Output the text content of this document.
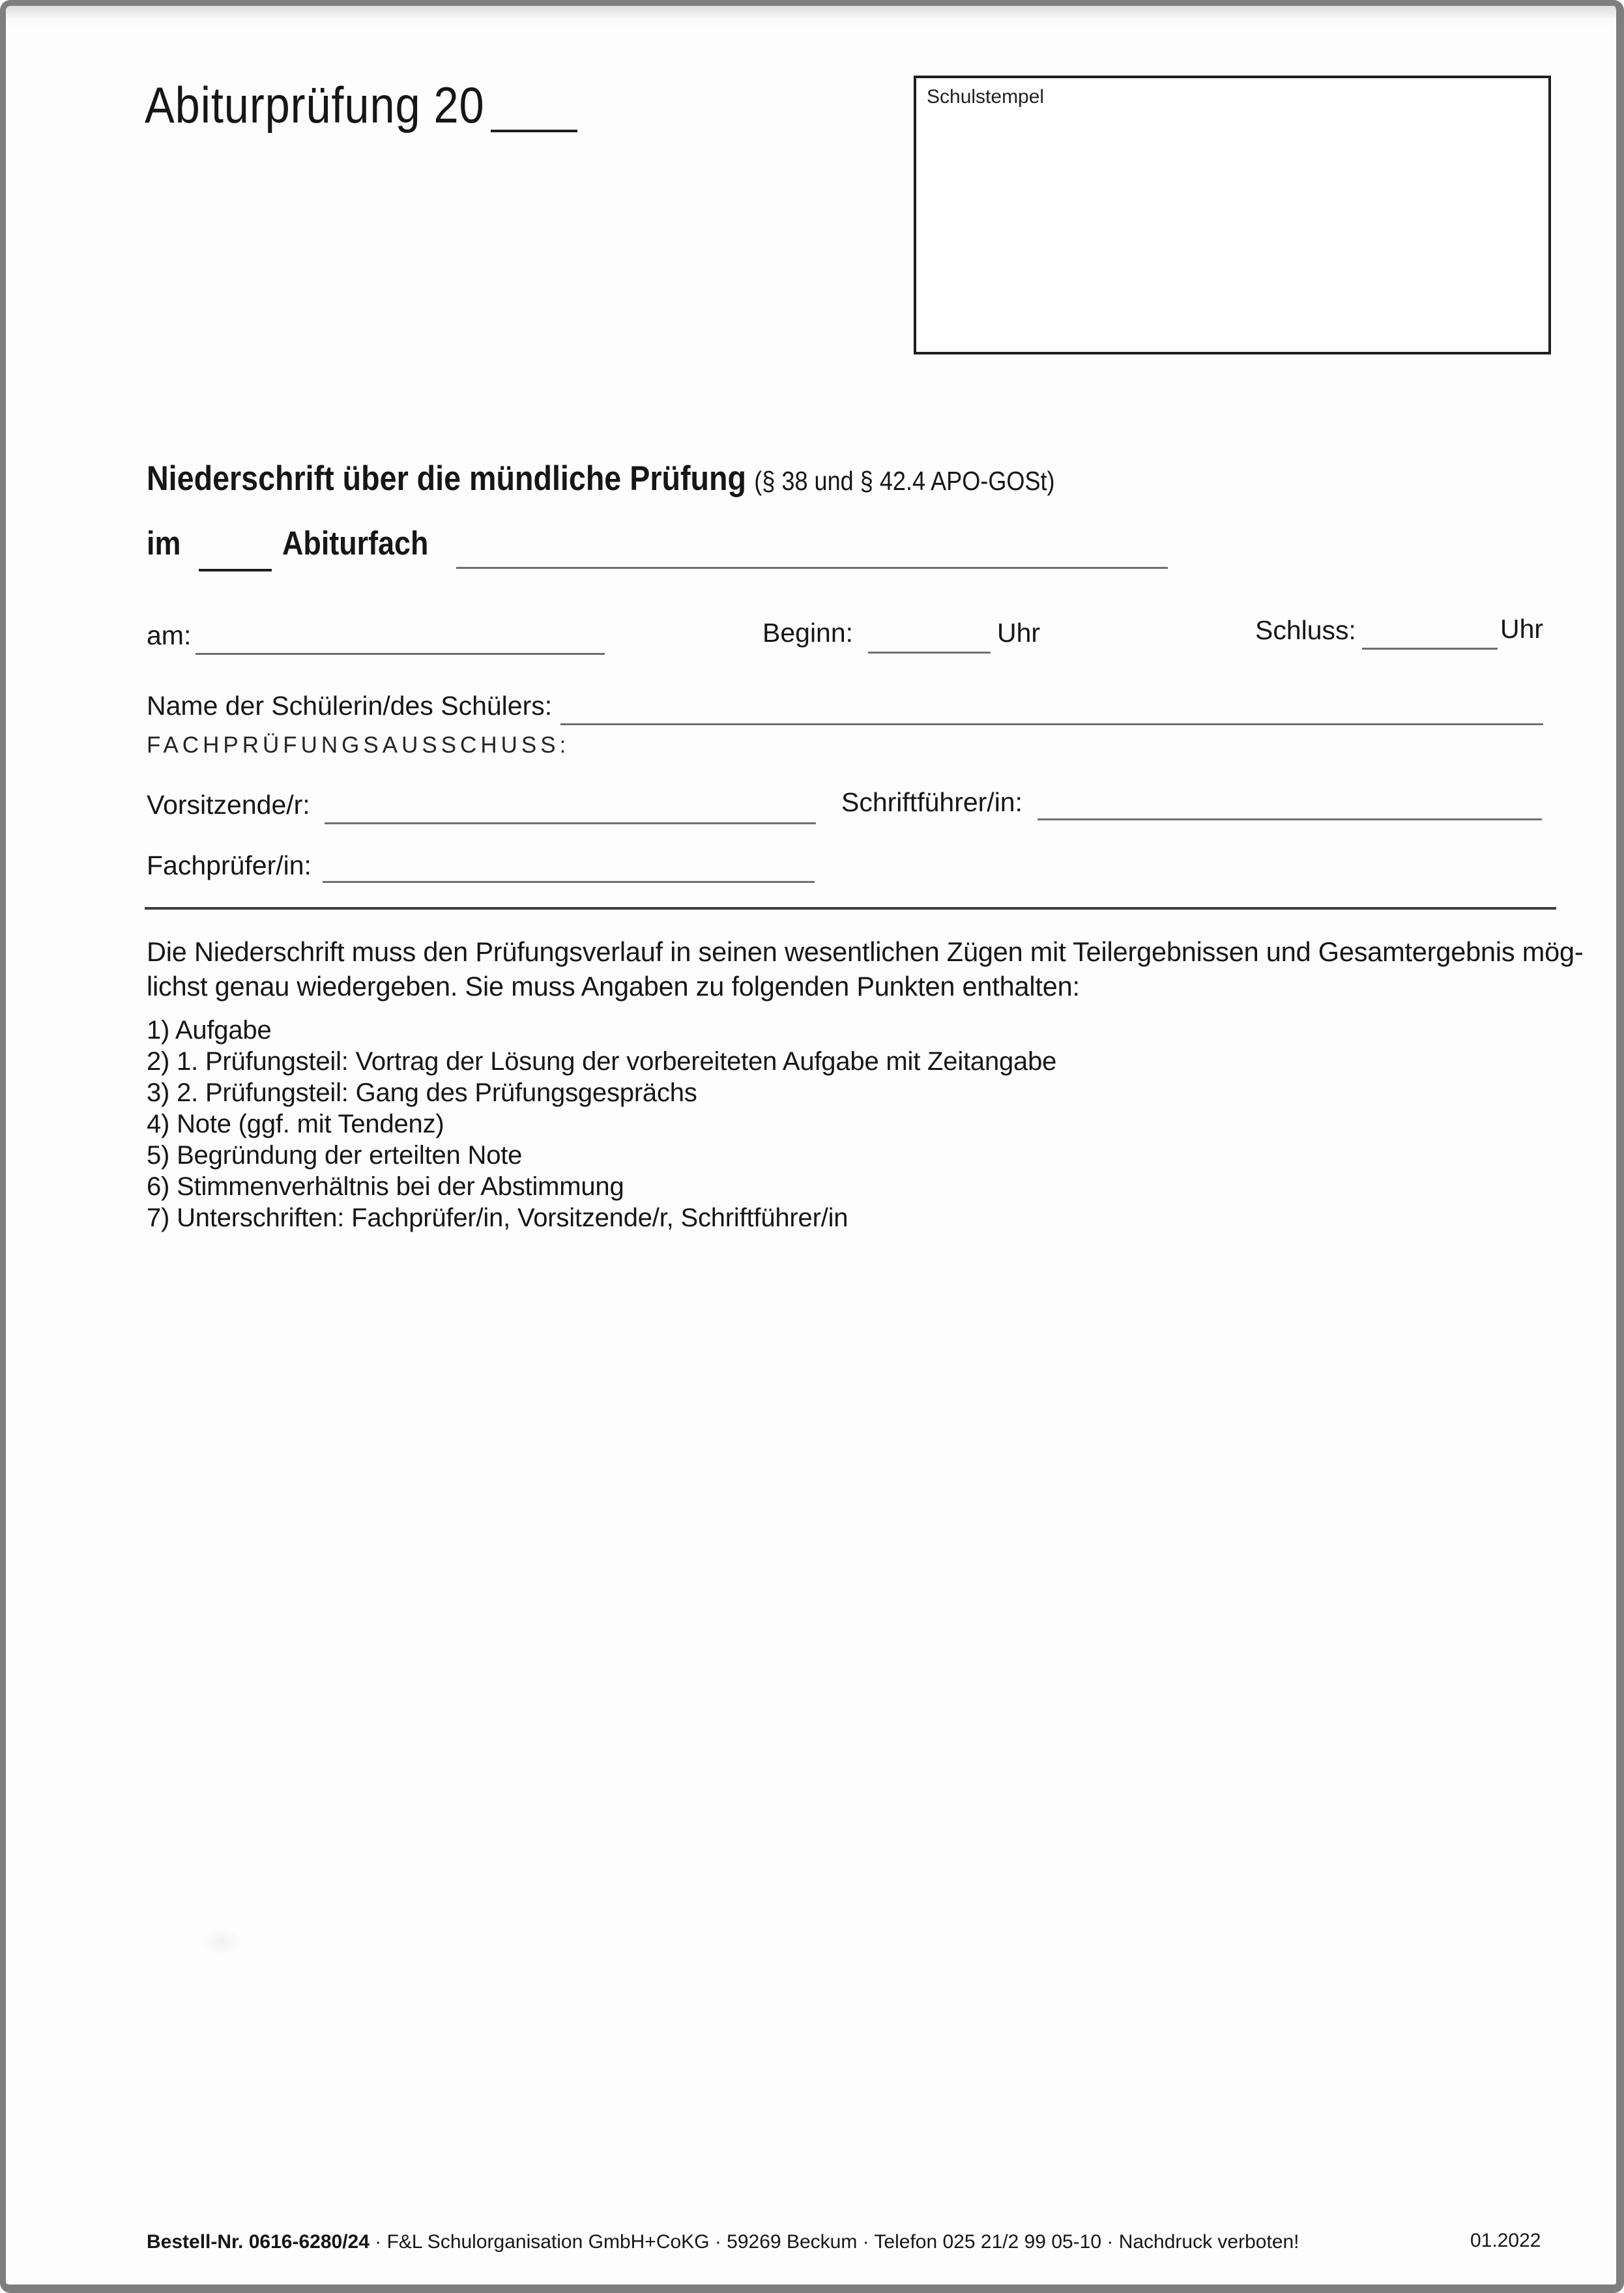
Abiturprüfung 20	Schulstempel
Niederschrift über die mündliche Prüfung (§ 38 und § 42.4 APO-GOSt)
im	Abiturfach
am:	Beginn:	Uhr	Schluss:	Uhr
Name der Schülerin/des Schülers:
FACHPRÜFUNGSAUSSCHUSS:
Vorsitzende/r:	Schriftführer/in:
Fachprüfer/in:
Die Niederschrift muss den Prüfungsverlauf in seinen wesentlichen Zügen mit Teilergebnissen und Gesamtergebnis mög-
lichst genau wiedergeben. Sie muss Angaben zu folgenden Punkten enthalten:
1) Aufgabe
2) 1. Prüfungsteil: Vortrag der Lösung der vorbereiteten Aufgabe mit Zeitangabe
3) 2. Prüfungsteil: Gang des Prüfungsgesprächs
4) Note (ggf. mit Tendenz)
5) Begründung der erteilten Note
6) Stimmenverhältnis bei der Abstimmung
7) Unterschriften: Fachprüfer/in, Vorsitzende/r, Schriftführer/in
Bestell-Nr. 0616-6280/24 · F&L Schulorganisation GmbH+CoKG · 59269 Beckum · Telefon 025 21/2 99 05-10 · Nachdruck verboten!	01.2022
